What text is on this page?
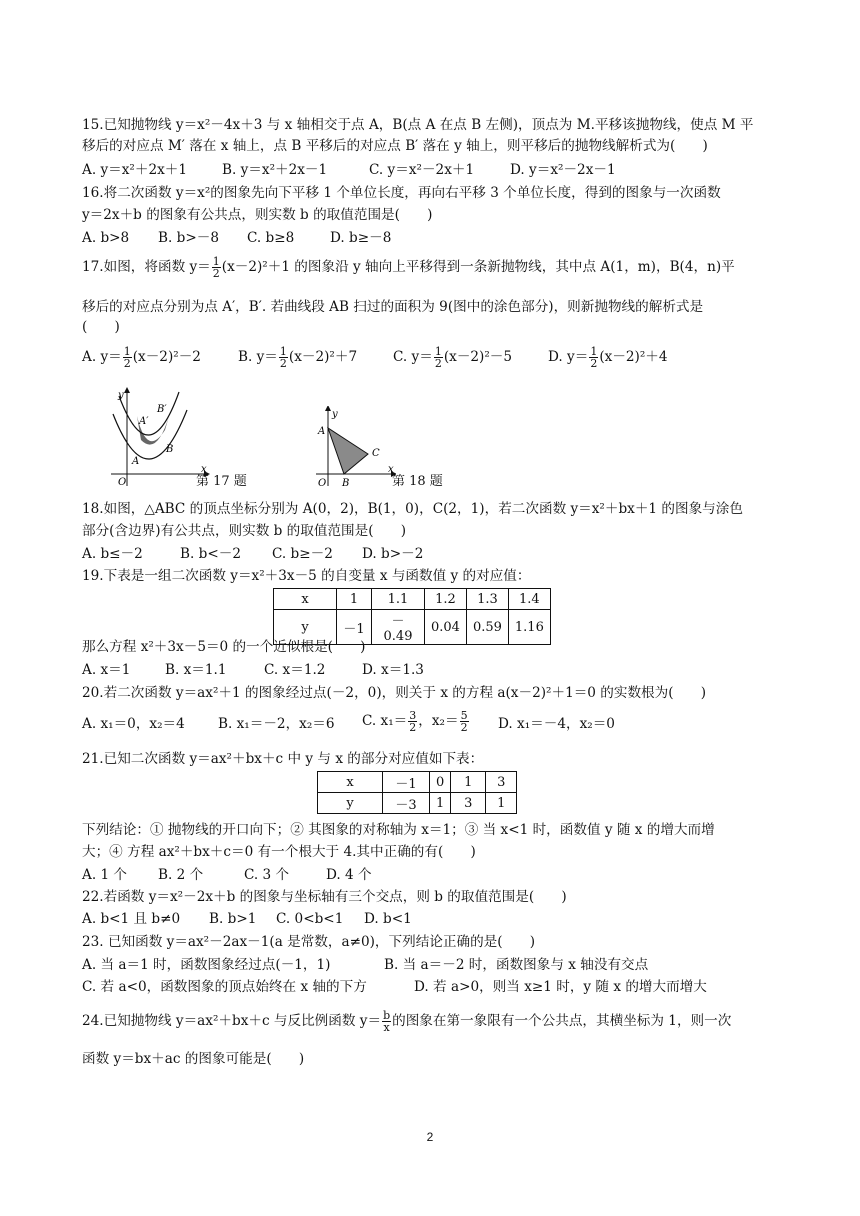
15.已知抛物线 y＝x²－4x＋3 与 x 轴相交于点 A，B(点 A 在点 B 左侧)，顶点为 M.平移该抛物线，使点 M 平
移后的对应点 M′ 落在 x 轴上，点 B 平移后的对应点 B′ 落在 y 轴上，则平移后的抛物线解析式为(　　)
A. y＝x²＋2x＋1	B. y＝x²＋2x－1	C. y＝x²－2x＋1	D. y＝x²－2x－1
16.将二次函数 y＝x²的图象先向下平移 1 个单位长度，再向右平移 3 个单位长度，得到的图象与一次函数
y＝2x＋b 的图象有公共点，则实数 b 的取值范围是(　　)
A. b>8 B. b>－8 C. b≥8	D. b≥－8
17.如图，将函数 $y= \frac{1}{2} (x-2)^2+1$ 的图象沿 y 轴向上平移得到一条新抛物线，其中点 A(1，m)，B(4，n)平
移后的对应点分别为点 A′，B′. 若曲线段 AB 扫过的面积为 9(图中的涂色部分)，则新抛物线的解析式是
(　　)
A. $y= \frac{1}{2} (x-2)^2-2$	B. $y= \frac{1}{2} (x-2)^2+7$	C. $y= \frac{1}{2} (x-2)^2-5$	D. $y= \frac{1}{2} (x-2)^2+4$
y
x
O
A
B
A′
B′
第 17 题
y
x
O
A
B
C
第 18 题
18.如图，△ABC 的顶点坐标分别为 A(0，2)，B(1，0)，C(2，1)，若二次函数 y＝x²＋bx＋1 的图象与涂色
部分(含边界)有公共点，则实数 b 的取值范围是(　　)
A. b≤－2	B. b<－2 C. b≥－2 D. b>－2
19.下表是一组二次函数 y＝x²＋3x－5 的自变量 x 与函数值 y 的对应值：
x	1	1.1	1.2	1.3	1.4
y	－1	－0.49	0.04	0.59	1.16
那么方程 x²＋3x－5＝0 的一个近似根是(　　)
A. x＝1	B. x＝1.1	C. x＝1.2	D. x＝1.3
20.若二次函数 y＝ax²＋1 的图象经过点(－2，0)，则关于 x 的方程 a(x－2)²＋1＝0 的实数根为(　　)
A. x₁＝0，x₂＝4 B. x₁＝－2，x₂＝6 C. $x_1= \frac{3}{2}$ ，$x_2= \frac{5}{2} D$. x₁＝－4，x₂＝0
21.已知二次函数 y＝ax²＋bx＋c 中 y 与 x 的部分对应值如下表：
x	－1	0	1	3
y	－3	1	3	1
下列结论：① 抛物线的开口向下；② 其图象的对称轴为 x＝1；③ 当 x<1 时，函数值 y 随 x 的增大而增
大；④ 方程 ax²＋bx＋c＝0 有一个根大于 4.其中正确的有(　　)
A. 1 个 B. 2 个	C. 3 个	D. 4 个
22.若函数 y＝x²－2x＋b 的图象与坐标轴有三个交点，则 b 的取值范围是(　　)
A. b<1 且 b≠0 B. b>1 C. 0<b<1 D. b<1
23. 已知函数 y＝ax²－2ax－1(a 是常数，a≠0)，下列结论正确的是(　　)
A. 当 a＝1 时，函数图象经过点(－1，1)	B. 当 a＝－2 时，函数图象与 x 轴没有交点
C. 若 a<0，函数图象的顶点始终在 x 轴的下方	D. 若 a>0，则当 x≥1 时，y 随 x 的增大而增大
24.已知抛物线 y＝ax²＋bx＋c 与反比例函数 $y= \frac{b}{x}$ 的图象在第一象限有一个公共点，其横坐标为 1，则一次
函数 y＝bx＋ac 的图象可能是(　　)
2
